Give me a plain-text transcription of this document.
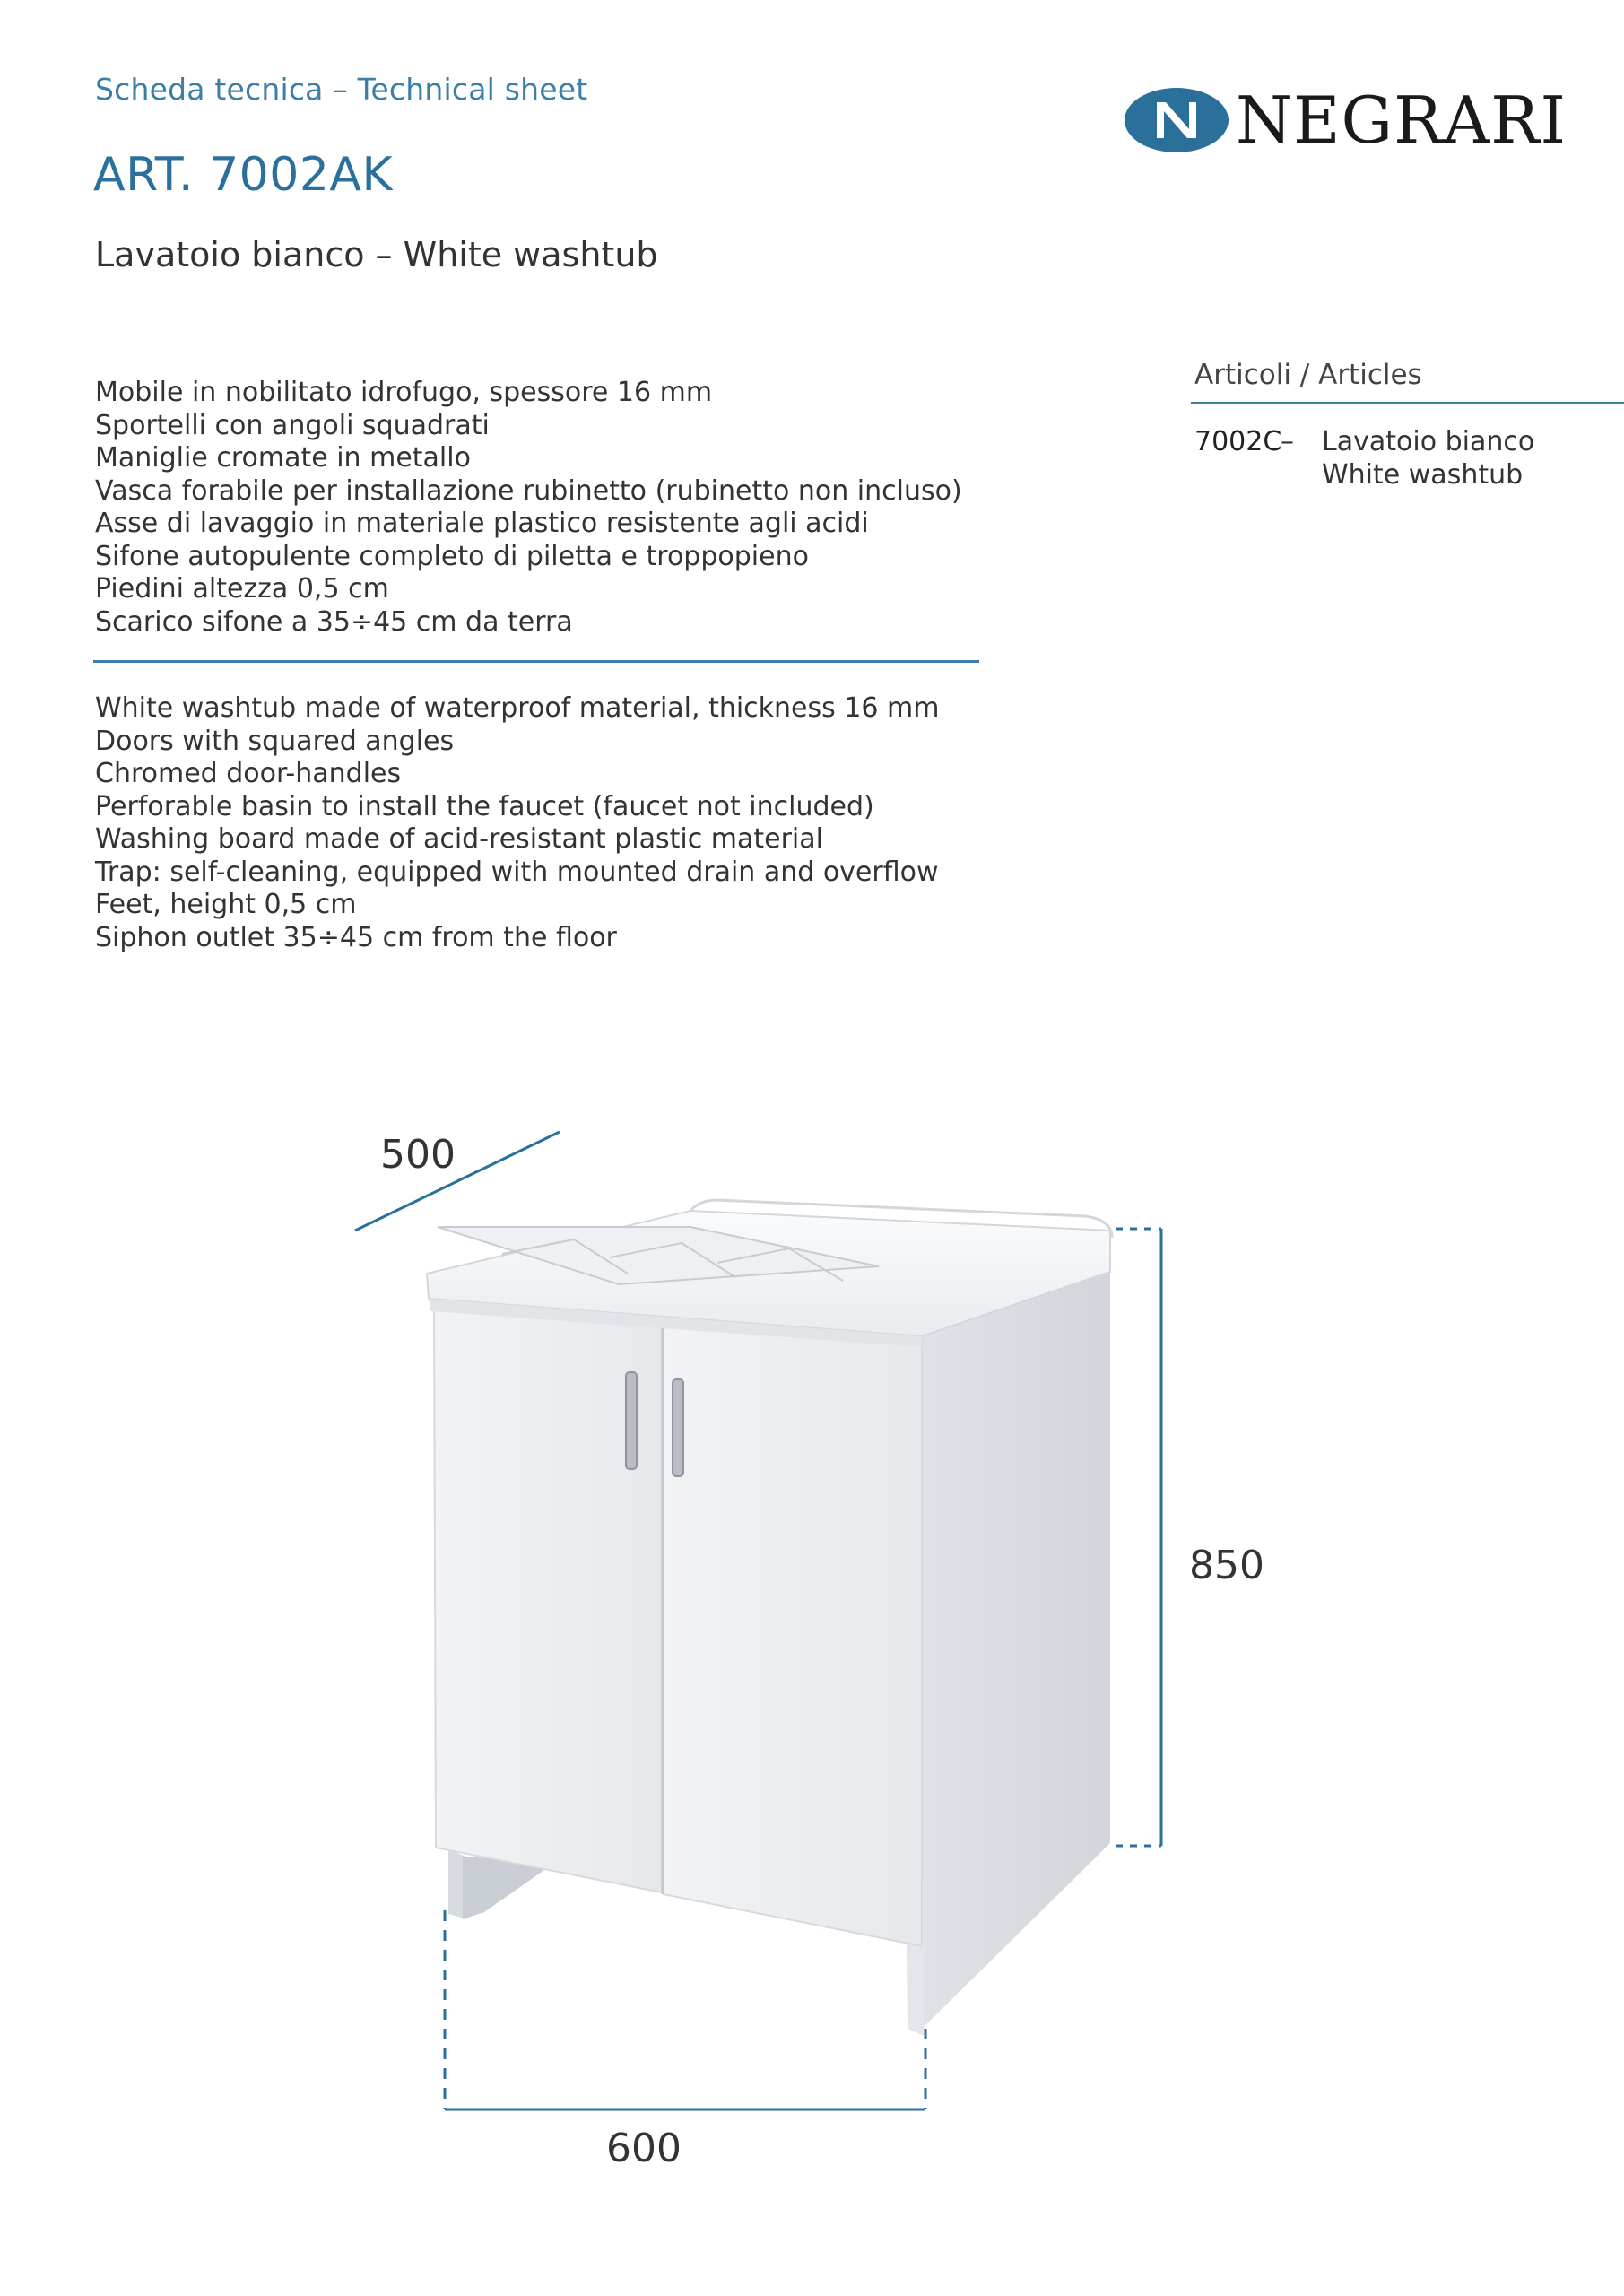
Scheda tecnica – Technical sheet
ART. 7002AK
Lavatoio bianco – White washtub
NEGRARI
Mobile in nobilitato idrofugo, spessore 16 mm
Sportelli con angoli squadrati
Maniglie cromate in metallo
Vasca forabile per installazione rubinetto (rubinetto non incluso)
Asse di lavaggio in materiale plastico resistente agli acidi
Sifone autopulente completo di piletta e troppopieno
Piedini altezza 0,5 cm
Scarico sifone a 35÷45 cm da terra
White washtub made of waterproof material, thickness 16 mm
Doors with squared angles
Chromed door-handles
Perforable basin to install the faucet (faucet not included)
Washing board made of acid-resistant plastic material
Trap: self-cleaning, equipped with mounted drain and overflow
Feet, height 0,5 cm
Siphon outlet 35÷45 cm from the floor
Articoli / Articles
7002C
–	Lavatoio bianco
White washtub
500
850
600
